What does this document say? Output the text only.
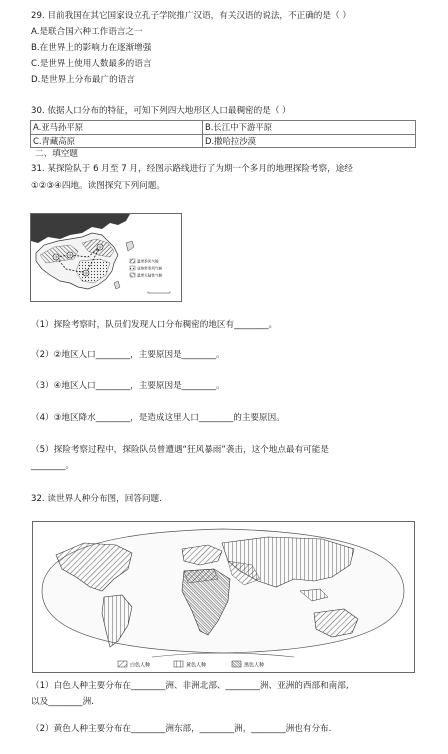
29. 目前我国在其它国家设立孔子学院推广汉语，有关汉语的说法，不正确的是（ ）
A.是联合国六种工作语言之一
B.在世界上的影响力在逐渐增强
C.是世界上使用人数最多的语言
D.是世界上分布最广的语言
30. 依据人口分布的特征，可知下列四大地形区人口最稠密的是（ ）
A.亚马孙平原	B.长江中下游平原
C.青藏高原	D.撒哈拉沙漠
二、填空题
31. 某探险队于 6 月至 7 月，经图示路线进行了为期一个多月的地理探险考察，途经
①②③④四地。读图探究下列问题。
①
②
③
④
温带季风气候
亚热带季风气候
温带大陆性气候
（1）探险考察时，队员们发现人口分布稠密的地区有________。
（2）②地区人口________，主要原因是________。
（3）④地区人口________，主要原因是________。
（4）③地区降水________，是造成这里人口________的主要原因。
（5）探险考察过程中，探险队员曾遭遇“狂风暴雨”袭击，这个地点最有可能是
________。
32. 读世界人种分布图，回答问题.
白色人种	黄色人种	黑色人种
（1）白色人种主要分布在________洲、非洲北部、________洲、亚洲的西部和南部,
以及________洲.
（2）黄色人种主要分布在________洲东部，________洲，________洲也有分布.
